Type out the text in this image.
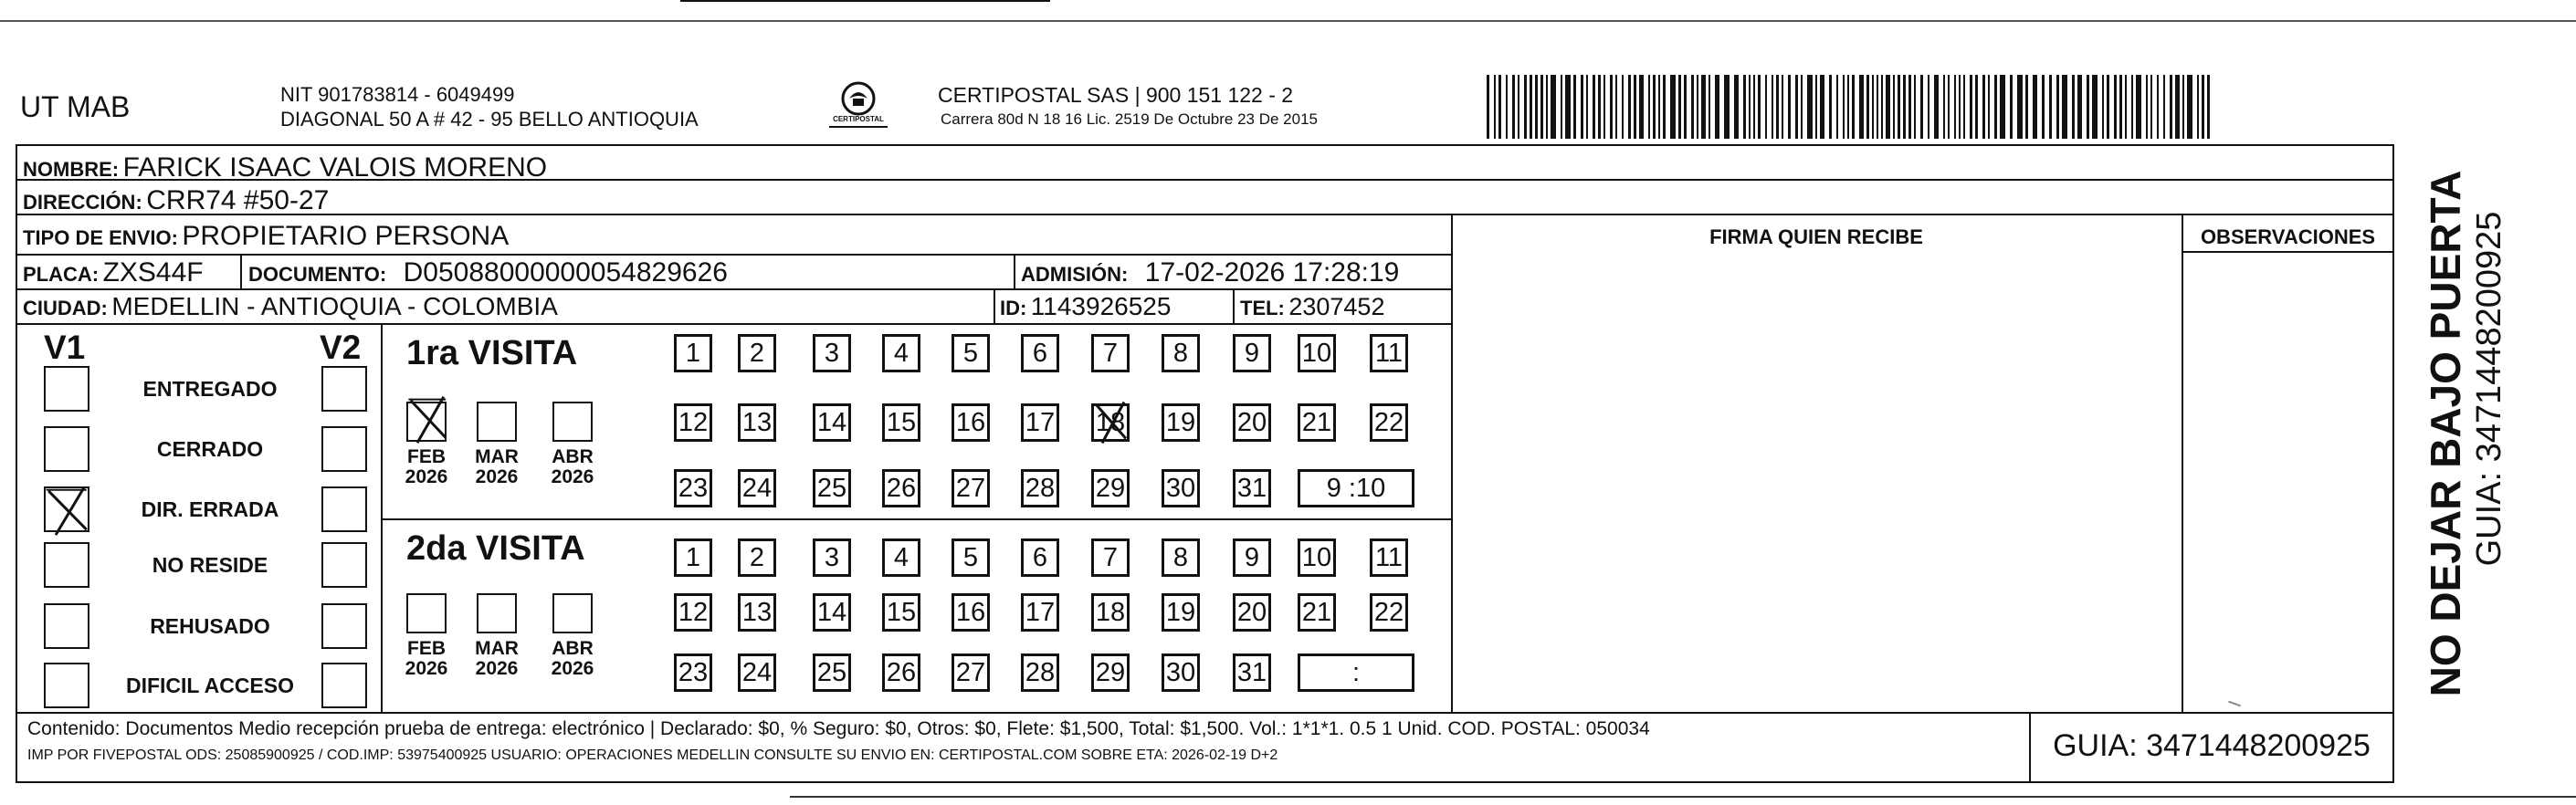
UT MAB	NIT 901783814 - 6049499
DIAGONAL 50 A # 42 - 95 BELLO ANTIOQUIA	CERTIPOSTAL
CERTIPOSTAL SAS | 900 151 122 - 2
Carrera 80d N 18 16 Lic. 2519 De Octubre 23 De 2015
NOMBRE: FARICK ISAAC VALOIS MORENO
DIRECCIÓN: CRR74 #50-27
TIPO DE ENVIO: PROPIETARIO PERSONA
PLACA: ZXS44F DOCUMENTO: D05088000000054829626	ADMISIÓN: 17-02-2026 17:28:19
CIUDAD: MEDELLIN - ANTIOQUIA - COLOMBIA	ID: 1143926525	TEL: 2307452
FIRMA QUIEN RECIBE	OBSERVACIONES
V1	V2 1ra VISITA
2da VISITA
Contenido: Documentos Medio recepción prueba de entrega: electrónico | Declarado: $0, % Seguro: $0, Otros: $0, Flete: $1,500, Total: $1,500. Vol.: 1*1*1. 0.5 1 Unid. COD. POSTAL: 050034
IMP POR FIVEPOSTAL ODS: 25085900925 / COD.IMP: 53975400925 USUARIO: OPERACIONES MEDELLIN CONSULTE SU ENVIO EN: CERTIPOSTAL.COM SOBRE ETA: 2026-02-19 D+2	GUIA: 3471448200925
NO DEJAR BAJO PUERTA GUIA: 3471448200925
ENTREGADO
CERRADO
DIR. ERRADA
NO RESIDE
REHUSADO
DIFICIL ACCESO
FEB
2026
MAR
2026
ABR
2026
FEB
2026
MAR
2026
ABR
2026
1	2	3	4	5	6	7	8	9	10 11
12 13 14 15 16 17 18 19 20 21 22
23 24 25 26 27 28 29 30 31	9 :10
1	2	3	4	5	6	7	8	9	10 11
12 13 14 15 16 17 18 19 20 21 22
23 24 25 26 27 28 29 30 31	:
